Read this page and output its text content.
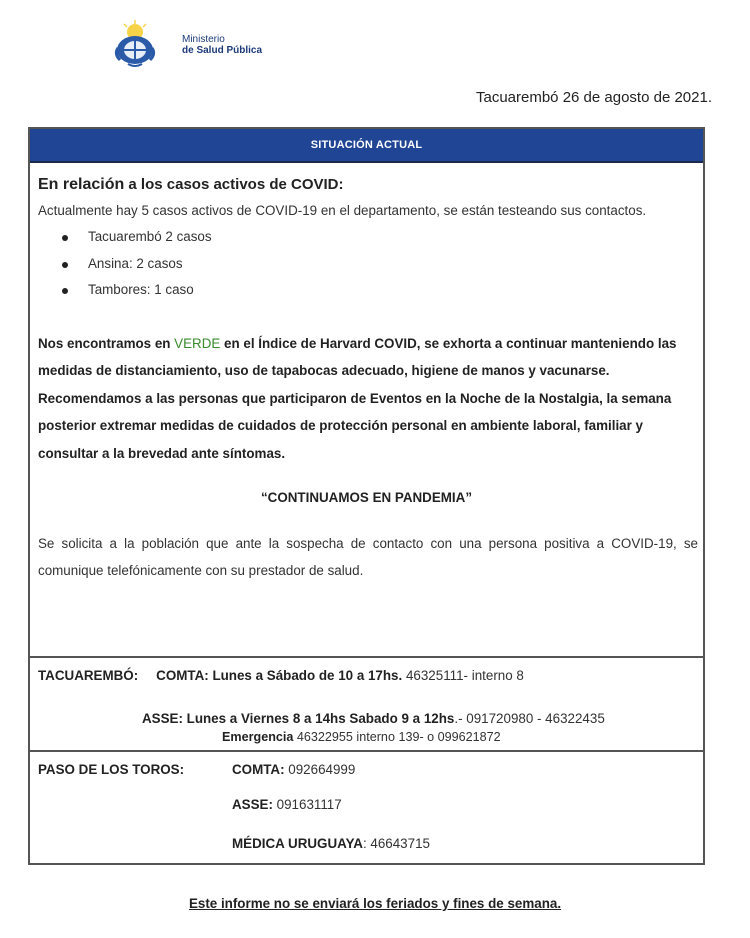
Ministerio
de Salud Pública
Tacuarembó 26 de agosto de 2021.
SITUACIÓN ACTUAL

En relación a los casos activos de COVID:

Actualmente hay 5 casos activos de COVID-19 en el departamento, se están testeando sus contactos.

Tacuarembó 2 casos
Ansina: 2 casos
Tambores: 1 caso
Nos encontramos en VERDE en el Índice de Harvard COVID, se exhorta a continuar manteniendo las medidas de distanciamiento, uso de tapabocas adecuado, higiene de manos y vacunarse.
Recomendamos a las personas que participaron de Eventos en la Noche de la Nostalgia, la semana posterior extremar medidas de cuidados de protección personal en ambiente laboral, familiar y consultar a la brevedad ante síntomas.
“CONTINUAMOS EN PANDEMIA”

Se solicita a la población que ante la sospecha de contacto con una persona positiva a COVID-19, se comunique telefónicamente con su prestador de salud.

TACUAREMBÓ: COMTA: Lunes a Sábado de 10 a 17hs. 46325111- interno 8
ASSE: Lunes a Viernes 8 a 14hs Sabado 9 a 12hs.- 091720980 - 46322435
Emergencia 46322955 interno 139- o 099621872
PASO DE LOS TOROS:	COMTA: 092664999
ASSE: 091631117
MÉDICA URUGUAYA: 46643715
Este informe no se enviará los feriados y fines de semana.
